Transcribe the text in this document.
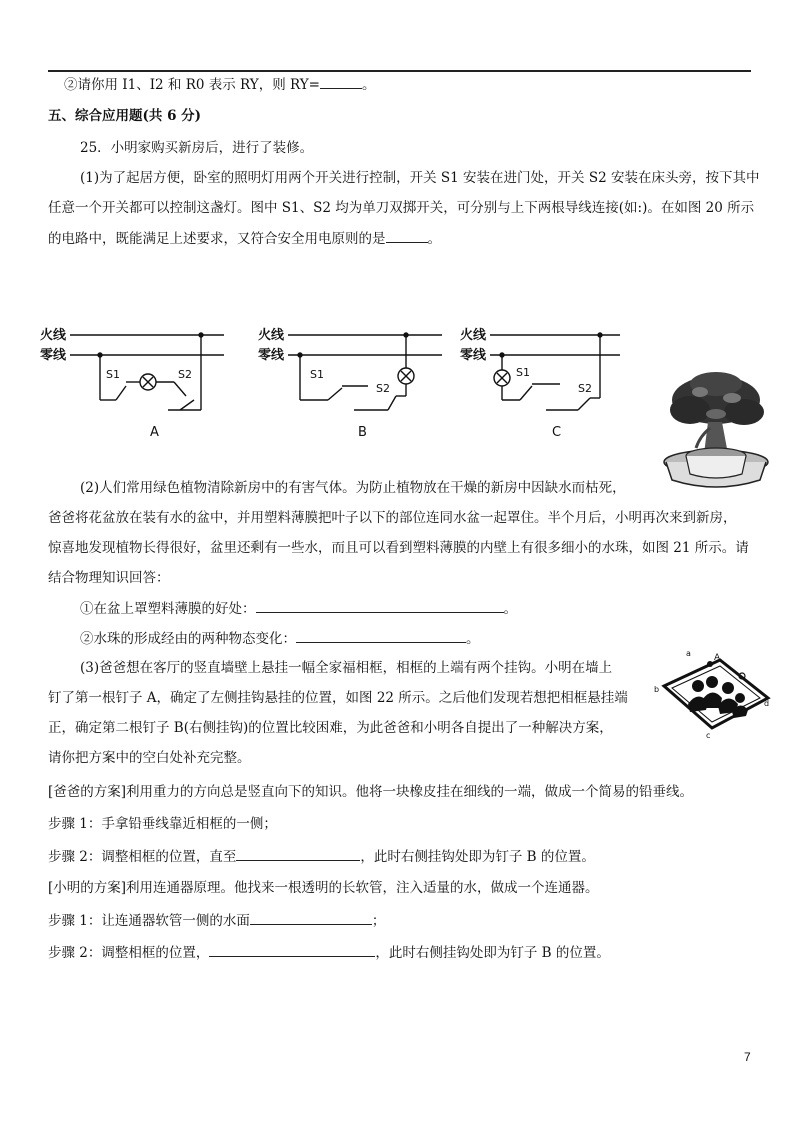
②请你用 I1、I2 和 R0 表示 RY，则 RY=	。
五、综合应用题(共 6 分)
25．小明家购买新房后，进行了装修。
(1)为了起居方便，卧室的照明灯用两个开关进行控制，开关 S1 安装在进门处，开关 S2 安装在床头旁，按下其中
任意一个开关都可以控制这盏灯。图中 S1、S2 均为单刀双掷开关，可分别与上下两根导线连接(如:)。在如图 20 所示
的电路中，既能满足上述要求，又符合安全用电原则的是	。
火线
零线
S1	S2
A
火线
零线
S1
S2
B
火线
零线
S1
S2
C
(2)人们常用绿色植物清除新房中的有害气体。为防止植物放在干燥的新房中因缺水而枯死，
爸爸将花盆放在装有水的盆中，并用塑料薄膜把叶子以下的部位连同水盆一起罩住。半个月后，小明再次来到新房，
惊喜地发现植物长得很好，盆里还剩有一些水，而且可以看到塑料薄膜的内壁上有很多细小的水珠，如图 21 所示。请
结合物理知识回答：
①在盆上罩塑料薄膜的好处：	。
②水珠的形成经由的两种物态变化：	。
(3)爸爸想在客厅的竖直墙壁上悬挂一幅全家福相框，相框的上端有两个挂钩。小明在墙上
钉了第一根钉子 A，确定了左侧挂钩悬挂的位置，如图 22 所示。之后他们发现若想把相框悬挂端
正，确定第二根钉子 B(右侧挂钩)的位置比较困难，为此爸爸和小明各自提出了一种解决方案，
请你把方案中的空白处补充完整。
A
a
b
c
d
[爸爸的方案]利用重力的方向总是竖直向下的知识。他将一块橡皮挂在细线的一端，做成一个简易的铅垂线。
步骤 1：手拿铅垂线靠近相框的一侧；
步骤 2：调整相框的位置，直至	，此时右侧挂钩处即为钉子 B 的位置。
[小明的方案]利用连通器原理。他找来一根透明的长软管，注入适量的水，做成一个连通器。
步骤 1：让连通器软管一侧的水面	；
步骤 2：调整相框的位置，	，此时右侧挂钩处即为钉子 B 的位置。
7
